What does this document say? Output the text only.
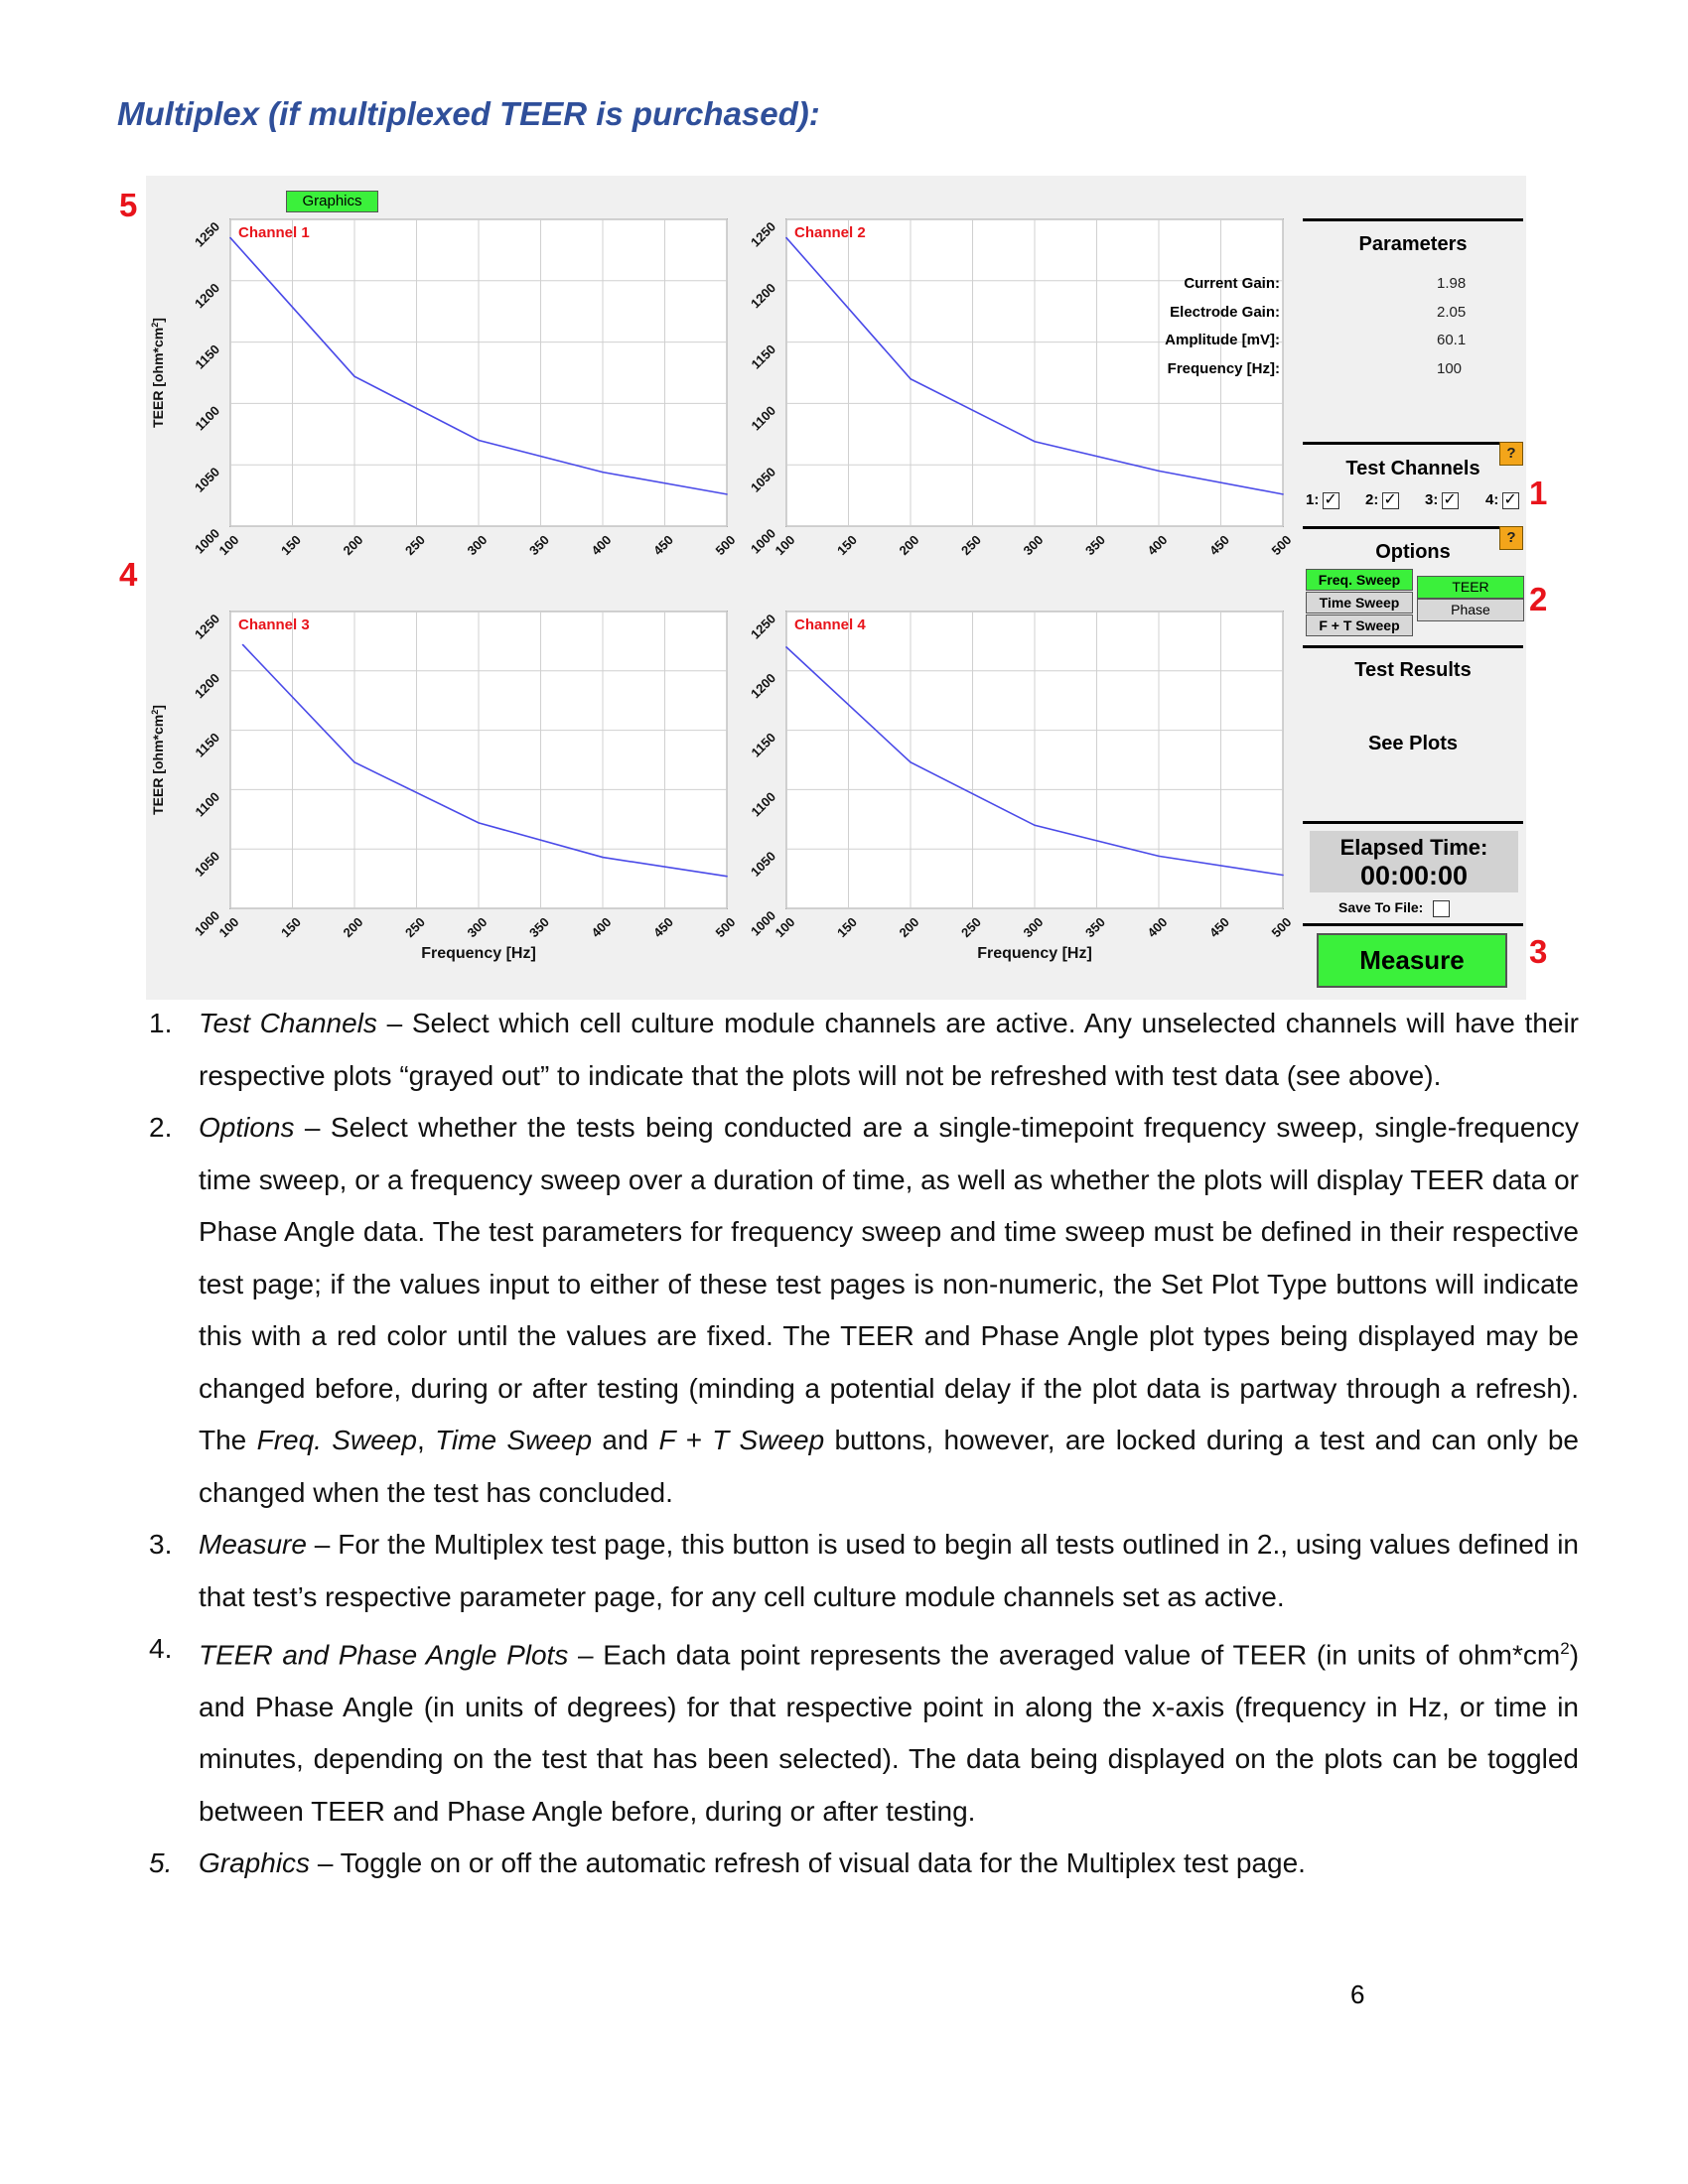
Multiplex (if multiplexed TEER is purchased):
5
4
1
2
3
100	150	200	250	300	350	400	450	500
1000
1050
1100
1150
1200
1250 Channel 1
TEER $[ohm*cm^2]$
100	150	200	250	300	350	400	450	500
1000
1050
1100
1150
1200
1250 Channel 2
100	150	200	250	300	350	400	450	500
1000
1050
1100
1150
1200
1250 Channel 3
TEER $[ohm*cm^2]$
Frequency [Hz]
100	150	200	250	300	350	400	450	500
1000
1050
1100
1150
1200
1250 Channel 4
Frequency [Hz]
Graphics
Parameters
Current Gain:	1.98
Electrode Gain:	2.05
Amplitude [mV]:	60.1
Frequency [Hz]:	100
Test Channels
?
1: ✓ 2: ✓ 3: ✓ 4: ✓
Options
?
Freq. Sweep
Time Sweep
F + T Sweep
TEER
Phase
Test Results
See Plots
Elapsed Time:
00:00:00
Save To File:
Measure
1. Test Channels – Select which cell culture module channels are active. Any unselected channels will have their respective plots “grayed out” to indicate that the plots will not be refreshed with test data (see above).
2. Options – Select whether the tests being conducted are a single-timepoint frequency sweep, single-frequency time sweep, or a frequency sweep over a duration of time, as well as whether the plots will display TEER data or Phase Angle data. The test parameters for frequency sweep and time sweep must be defined in their respective test page; if the values input to either of these test pages is non-numeric, the Set Plot Type buttons will indicate this with a red color until the values are fixed. The TEER and Phase Angle plot types being displayed may be changed before, during or after testing (minding a potential delay if the plot data is partway through a refresh). The Freq. Sweep, Time Sweep and F + T Sweep buttons, however, are locked during a test and can only be changed when the test has concluded.
3. Measure – For the Multiplex test page, this button is used to begin all tests outlined in 2., using values defined in that test’s respective parameter page, for any cell culture module channels set as active.
4. TEER and Phase Angle Plots – Each data point represents the averaged value of TEER (in units of $ohm*cm^2$) and Phase Angle (in units of degrees) for that respective point in along the x-axis (frequency in Hz, or time in minutes, depending on the test that has been selected). The data being displayed on the plots can be toggled between TEER and Phase Angle before, during or after testing.
5. Graphics – Toggle on or off the automatic refresh of visual data for the Multiplex test page.
6
